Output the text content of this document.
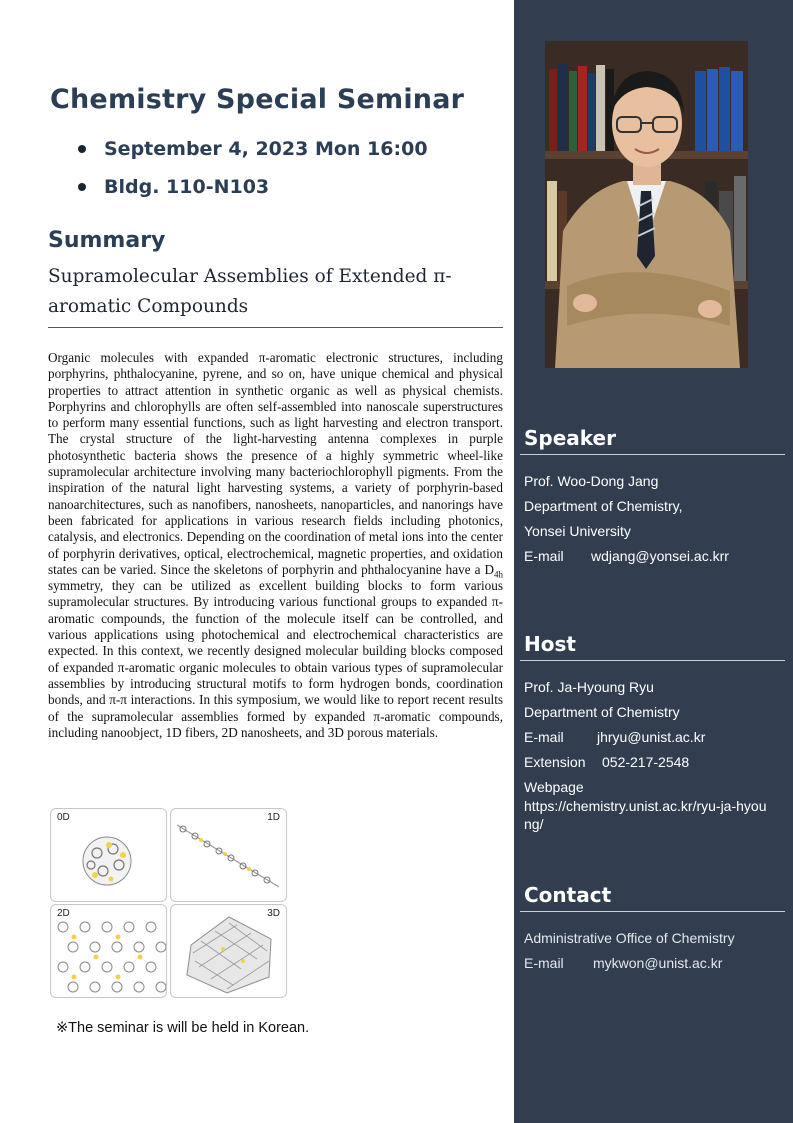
Chemistry Special Seminar
September 4, 2023 Mon 16:00
Bldg. 110-N103
Summary

Supramolecular Assemblies of Extended π-aromatic Compounds

Organic molecules with expanded π-aromatic electronic structures, including porphyrins, phthalocyanine, pyrene, and so on, have unique chemical and physical properties to attract attention in synthetic organic as well as physical chemists. Porphyrins and chlorophylls are often self-assembled into nanoscale superstructures to perform many essential functions, such as light harvesting and electron transport. The crystal structure of the light-harvesting antenna complexes in purple photosynthetic bacteria shows the presence of a highly symmetric wheel-like supramolecular architecture involving many bacteriochlorophyll pigments. From the inspiration of the natural light harvesting systems, a variety of porphyrin-based nanoarchitectures, such as nanofibers, nanosheets, nanoparticles, and nanorings have been fabricated for applications in various research fields including photonics, catalysis, and electronics. Depending on the coordination of metal ions into the center of porphyrin derivatives, optical, electrochemical, magnetic properties, and oxidation states can be varied. Since the skeletons of porphyrin and phthalocyanine have a $D_{4h}$ symmetry, they can be utilized as excellent building blocks to form various supramolecular structures. By introducing various functional groups to expanded π-aromatic compounds, the function of the molecule itself can be controlled, and various applications using photochemical and electrochemical characteristics are expected. In this context, we recently designed molecular building blocks composed of expanded π-aromatic organic molecules to obtain various types of supramolecular assemblies by introducing structural motifs to form hydrogen bonds, coordination bonds, and π-π interactions. In this symposium, we would like to report recent results of the supramolecular assemblies formed by expanded π-aromatic compounds, including nanoobject, 1D fibers, 2D nanosheets, and 3D porous materials.

0D	1D
2D	3D

※The seminar is will be held in Korean.

Speaker

Prof. Woo-Dong Jang

Department of Chemistry,

Yonsei University

E-mail wdjang@yonsei.ac.krr

Host

Prof. Ja-Hyoung Ryu

Department of Chemistry

E-mail jhryu@unist.ac.kr

Extension 052-217-2548

Webpage

https://chemistry.unist.ac.kr/ryu-ja-hyoung/

Contact

Administrative Office of Chemistry

E-mail mykwon@unist.ac.kr
